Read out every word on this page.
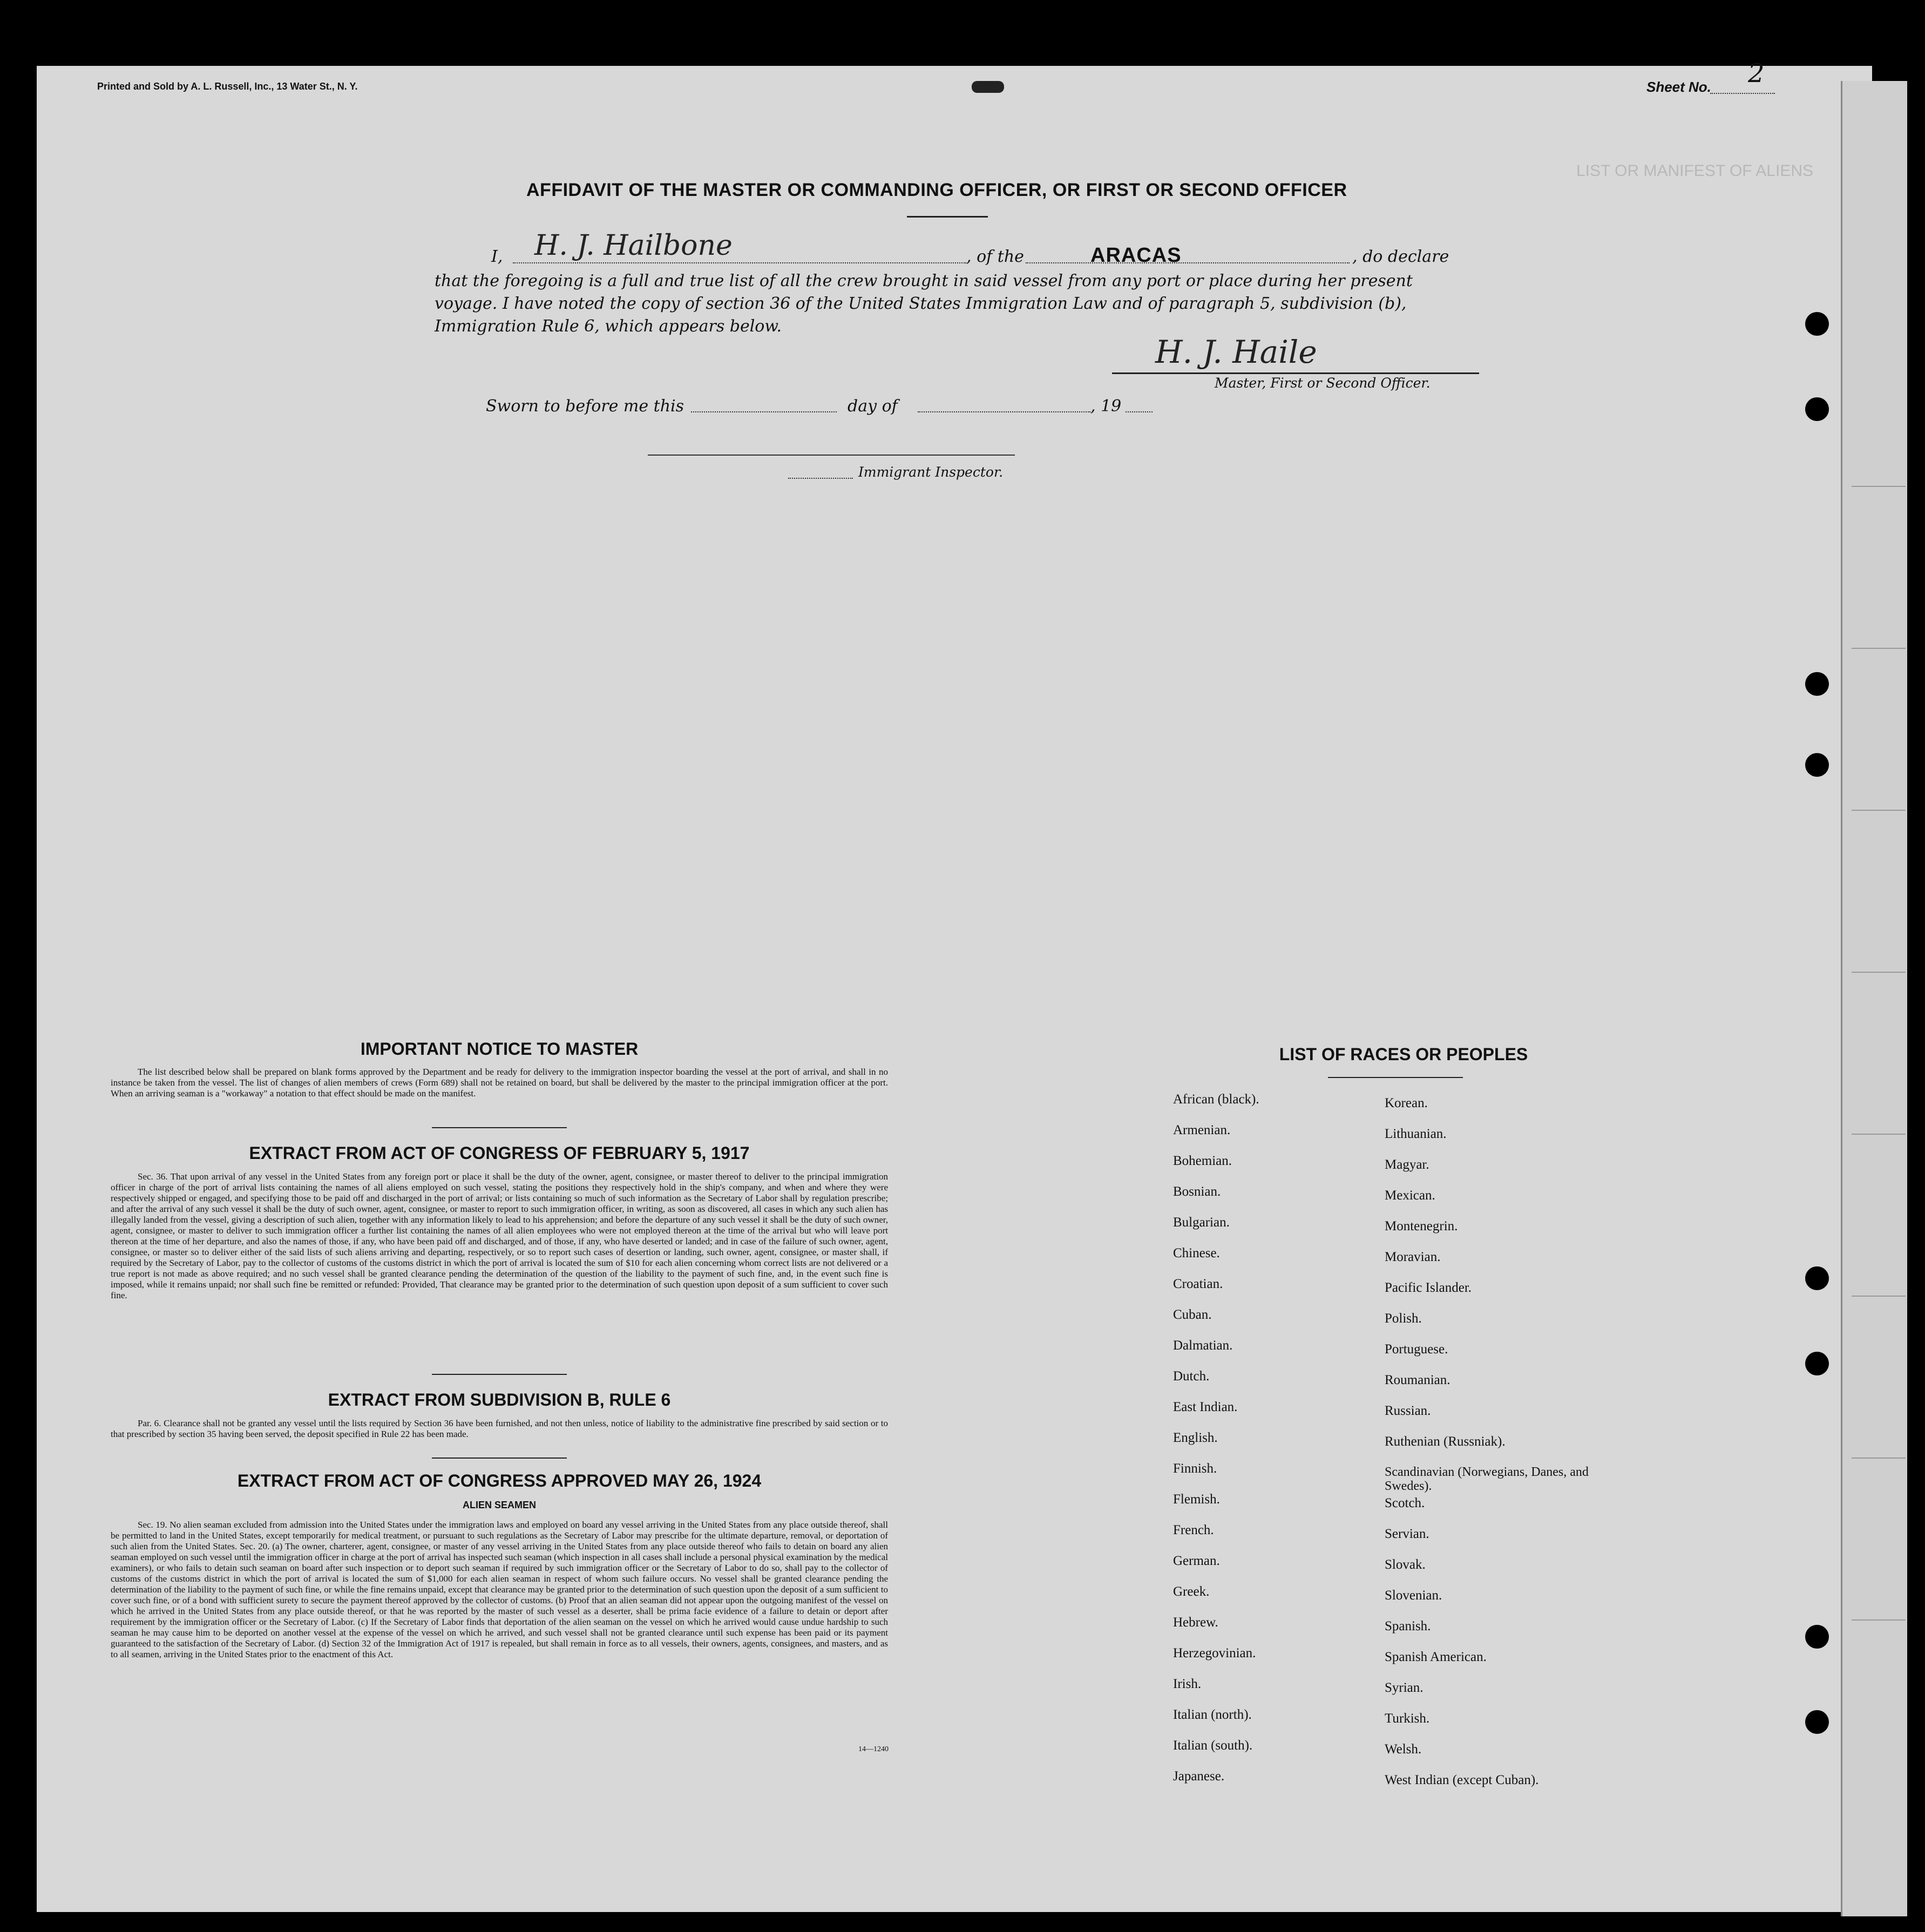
Printed and Sold by A. L. Russell, Inc., 13 Water St., N. Y.	Sheet No. 2
AFFIDAVIT OF THE MASTER OR COMMANDING OFFICER, OR FIRST OR SECOND OFFICER
I, H. J. Hailbone	, of the	ARACAS	, do declare
that the foregoing is a full and true list of all the crew brought in said vessel from any port or place during her present
voyage. I have noted the copy of section 36 of the United States Immigration Law and of paragraph 5, subdivision (b),
Immigration Rule 6, which appears below.
H. J. Haile
Master, First or Second Officer.
Sworn to before me this	day of	, 19
Immigrant Inspector.
LIST OR MANIFEST OF ALIENS
IMPORTANT NOTICE TO MASTER
The list described below shall be prepared on blank forms approved by the Department and be ready for delivery to the immigration inspector boarding the vessel at the port of arrival, and shall in no instance be taken from the vessel. The list of changes of alien members of crews (Form 689) shall not be retained on board, but shall be delivered by the master to the principal immigration officer at the port. When an arriving seaman is a "workaway" a notation to that effect should be made on the manifest.
EXTRACT FROM ACT OF CONGRESS OF FEBRUARY 5, 1917
Sec. 36. That upon arrival of any vessel in the United States from any foreign port or place it shall be the duty of the owner, agent, consignee, or master thereof to deliver to the principal immigration officer in charge of the port of arrival lists containing the names of all aliens employed on such vessel, stating the positions they respectively hold in the ship's company, and when and where they were respectively shipped or engaged, and specifying those to be paid off and discharged in the port of arrival; or lists containing so much of such information as the Secretary of Labor shall by regulation prescribe; and after the arrival of any such vessel it shall be the duty of such owner, agent, consignee, or master to report to such immigration officer, in writing, as soon as discovered, all cases in which any such alien has illegally landed from the vessel, giving a description of such alien, together with any information likely to lead to his apprehension; and before the departure of any such vessel it shall be the duty of such owner, agent, consignee, or master to deliver to such immigration officer a further list containing the names of all alien employees who were not employed thereon at the time of the arrival but who will leave port thereon at the time of her departure, and also the names of those, if any, who have been paid off and discharged, and of those, if any, who have deserted or landed; and in case of the failure of such owner, agent, consignee, or master so to deliver either of the said lists of such aliens arriving and departing, respectively, or so to report such cases of desertion or landing, such owner, agent, consignee, or master shall, if required by the Secretary of Labor, pay to the collector of customs of the customs district in which the port of arrival is located the sum of $10 for each alien concerning whom correct lists are not delivered or a true report is not made as above required; and no such vessel shall be granted clearance pending the determination of the question of the liability to the payment of such fine, and, in the event such fine is imposed, while it remains unpaid; nor shall such fine be remitted or refunded: Provided, That clearance may be granted prior to the determination of such question upon deposit of a sum sufficient to cover such fine.
EXTRACT FROM SUBDIVISION B, RULE 6
Par. 6. Clearance shall not be granted any vessel until the lists required by Section 36 have been furnished, and not then unless, notice of liability to the administrative fine prescribed by said section or to that prescribed by section 35 having been served, the deposit specified in Rule 22 has been made.
EXTRACT FROM ACT OF CONGRESS APPROVED MAY 26, 1924
ALIEN SEAMEN
Sec. 19. No alien seaman excluded from admission into the United States under the immigration laws and employed on board any vessel arriving in the United States from any place outside thereof, shall be permitted to land in the United States, except temporarily for medical treatment, or pursuant to such regulations as the Secretary of Labor may prescribe for the ultimate departure, removal, or deportation of such alien from the United States. Sec. 20. (a) The owner, charterer, agent, consignee, or master of any vessel arriving in the United States from any place outside thereof who fails to detain on board any alien seaman employed on such vessel until the immigration officer in charge at the port of arrival has inspected such seaman (which inspection in all cases shall include a personal physical examination by the medical examiners), or who fails to detain such seaman on board after such inspection or to deport such seaman if required by such immigration officer or the Secretary of Labor to do so, shall pay to the collector of customs of the customs district in which the port of arrival is located the sum of $1,000 for each alien seaman in respect of whom such failure occurs. No vessel shall be granted clearance pending the determination of the liability to the payment of such fine, or while the fine remains unpaid, except that clearance may be granted prior to the determination of such question upon the deposit of a sum sufficient to cover such fine, or of a bond with sufficient surety to secure the payment thereof approved by the collector of customs. (b) Proof that an alien seaman did not appear upon the outgoing manifest of the vessel on which he arrived in the United States from any place outside thereof, or that he was reported by the master of such vessel as a deserter, shall be prima facie evidence of a failure to detain or deport after requirement by the immigration officer or the Secretary of Labor. (c) If the Secretary of Labor finds that deportation of the alien seaman on the vessel on which he arrived would cause undue hardship to such seaman he may cause him to be deported on another vessel at the expense of the vessel on which he arrived, and such vessel shall not be granted clearance until such expense has been paid or its payment guaranteed to the satisfaction of the Secretary of Labor. (d) Section 32 of the Immigration Act of 1917 is repealed, but shall remain in force as to all vessels, their owners, agents, consignees, and masters, and as to all seamen, arriving in the United States prior to the enactment of this Act.
14—1240
LIST OF RACES OR PEOPLES
African (black).
Armenian.
Bohemian.
Bosnian.
Bulgarian.
Chinese.
Croatian.
Cuban.
Dalmatian.
Dutch.
East Indian.
English.
Finnish.
Flemish.
French.
German.
Greek.
Hebrew.
Herzegovinian.
Irish.
Italian (north).
Italian (south).
Japanese.
Korean.
Lithuanian.
Magyar.
Mexican.
Montenegrin.
Moravian.
Pacific Islander.
Polish.
Portuguese.
Roumanian.
Russian.
Ruthenian (Russniak).
Scandinavian (Norwegians, Danes, and Swedes).
Scotch.
Servian.
Slovak.
Slovenian.
Spanish.
Spanish American.
Syrian.
Turkish.
Welsh.
West Indian (except Cuban).
